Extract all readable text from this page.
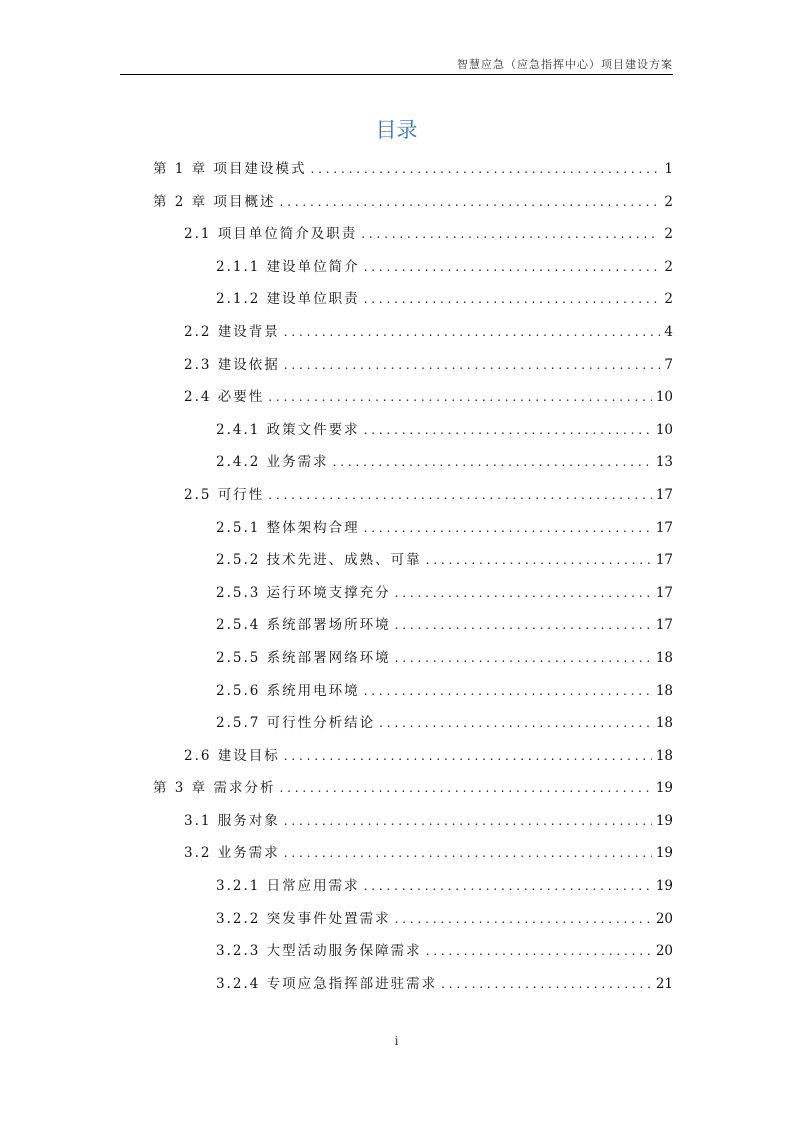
智慧应急（应急指挥中心）项目建设方案
目录
第 1 章 项目建设模式 . . .	1
第 2 章 项目概述 . . .	2
2.1 项目单位简介及职责 . . .	2
2.1.1 建设单位简介 . . .	2
2.1.2 建设单位职责 . . .	2
2.2 建设背景 . . .	4
2.3 建设依据 . . .	7
2.4 必要性 . . .	10
2.4.1 政策文件要求 . . .	10
2.4.2 业务需求 . . .	13
2.5 可行性 . . .	17
2.5.1 整体架构合理 . . .	17
2.5.2 技术先进、成熟、可靠 . . .	17
2.5.3 运行环境支撑充分 . . .	17
2.5.4 系统部署场所环境 . . .	17
2.5.5 系统部署网络环境 . . .	18
2.5.6 系统用电环境 . . .	18
2.5.7 可行性分析结论 . . .	18
2.6 建设目标 . . .	18
第 3 章 需求分析 . . .	19
3.1 服务对象 . . .	19
3.2 业务需求 . . .	19
3.2.1 日常应用需求 . . .	19
3.2.2 突发事件处置需求 . . .	20
3.2.3 大型活动服务保障需求 . . .	20
3.2.4 专项应急指挥部进驻需求 . . .	21
i
